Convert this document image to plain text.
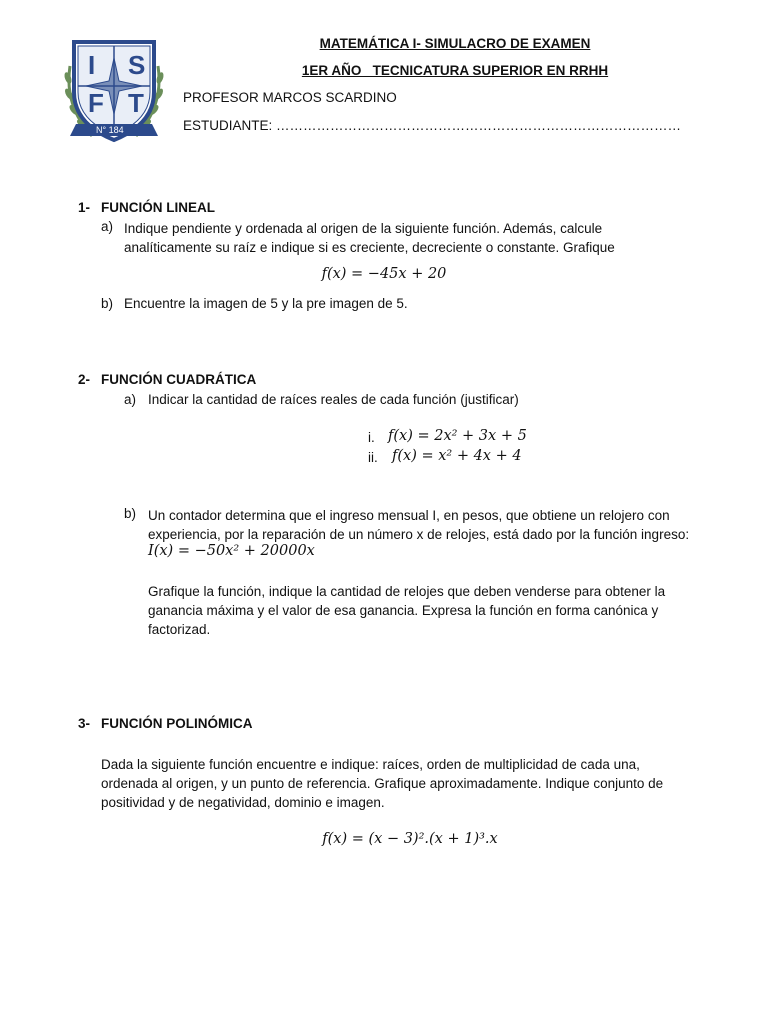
I S
F T
N° 184
MATEMÁTICA I- SIMULACRO DE EXAMEN
1ER AÑO   TECNICATURA SUPERIOR EN RRHH
PROFESOR MARCOS SCARDINO
ESTUDIANTE: ………………………………………………………………………………
1- FUNCIÓN LINEAL
a) Indique pendiente y ordenada al origen de la siguiente función. Además, calcule

analíticamente su raíz e indique si es creciente, decreciente o constante. Grafique

f(x) = −45x + 20
b) Encuentre la imagen de 5 y la pre imagen de 5.
2- FUNCIÓN CUADRÁTICA
a) Indicar la cantidad de raíces reales de cada función (justificar)
i. f(x) = 2x² + 3x + 5
ii. f(x) = x² + 4x + 4
b) Un contador determina que el ingreso mensual I, en pesos, que obtiene un relojero con

experiencia, por la reparación de un número x de relojes, está dado por la función ingreso:

I(x) = −50x² + 20000x

Grafique la función, indique la cantidad de relojes que deben venderse para obtener la

ganancia máxima y el valor de esa ganancia. Expresa la función en forma canónica y

factorizad.

3- FUNCIÓN POLINÓMICA

Dada la siguiente función encuentre e indique: raíces, orden de multiplicidad de cada una,

ordenada al origen, y un punto de referencia. Grafique aproximadamente. Indique conjunto de

positividad y de negatividad, dominio e imagen.

f(x) = (x − 3)².(x + 1)³.x
